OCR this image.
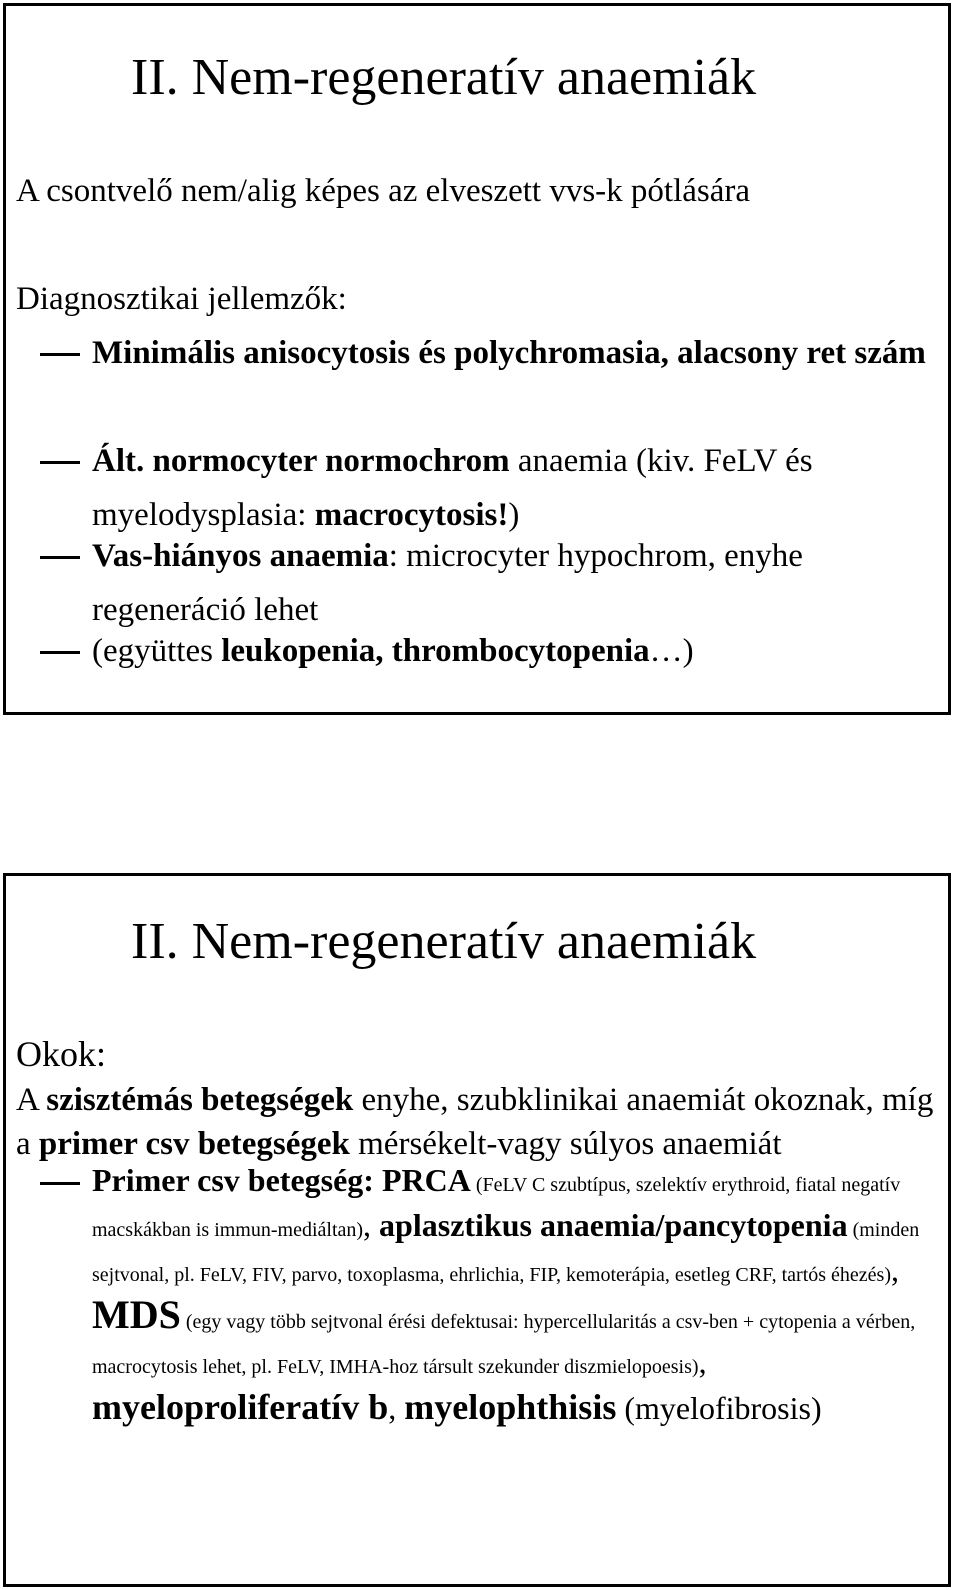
II. Nem-regeneratív anaemiák
A csontvelő nem/alig képes az elveszett vvs-k pótlására
Diagnosztikai jellemzők:
Minimális anisocytosis és polychromasia, alacsony ret szám
Ált. normocyter normochrom anaemia (kiv. FeLV és myelodysplasia: macrocytosis!)
Vas-hiányos anaemia: microcyter hypochrom, enyhe regeneráció lehet
(együttes leukopenia, thrombocytopenia…)
II. Nem-regeneratív anaemiák
Okok:
A szisztémás betegségek enyhe, szubklinikai anaemiát okoznak, míg a primer csv betegségek mérsékelt-vagy súlyos anaemiát
Primer csv betegség: PRCA (FeLV C szubtípus, szelektív erythroid, fiatal negatív macskákban is immun-mediáltan), aplasztikus anaemia/pancytopenia (minden sejtvonal, pl. FeLV, FIV, parvo, toxoplasma, ehrlichia, FIP, kemoterápia, esetleg CRF, tartós éhezés), MDS (egy vagy több sejtvonal érési defektusai: hypercellularitás a csv-ben + cytopenia a vérben, macrocytosis lehet, pl. FeLV, IMHA-hoz társult szekunder diszmielopoesis), myeloproliferatív b, myelophthisis (myelofibrosis)
